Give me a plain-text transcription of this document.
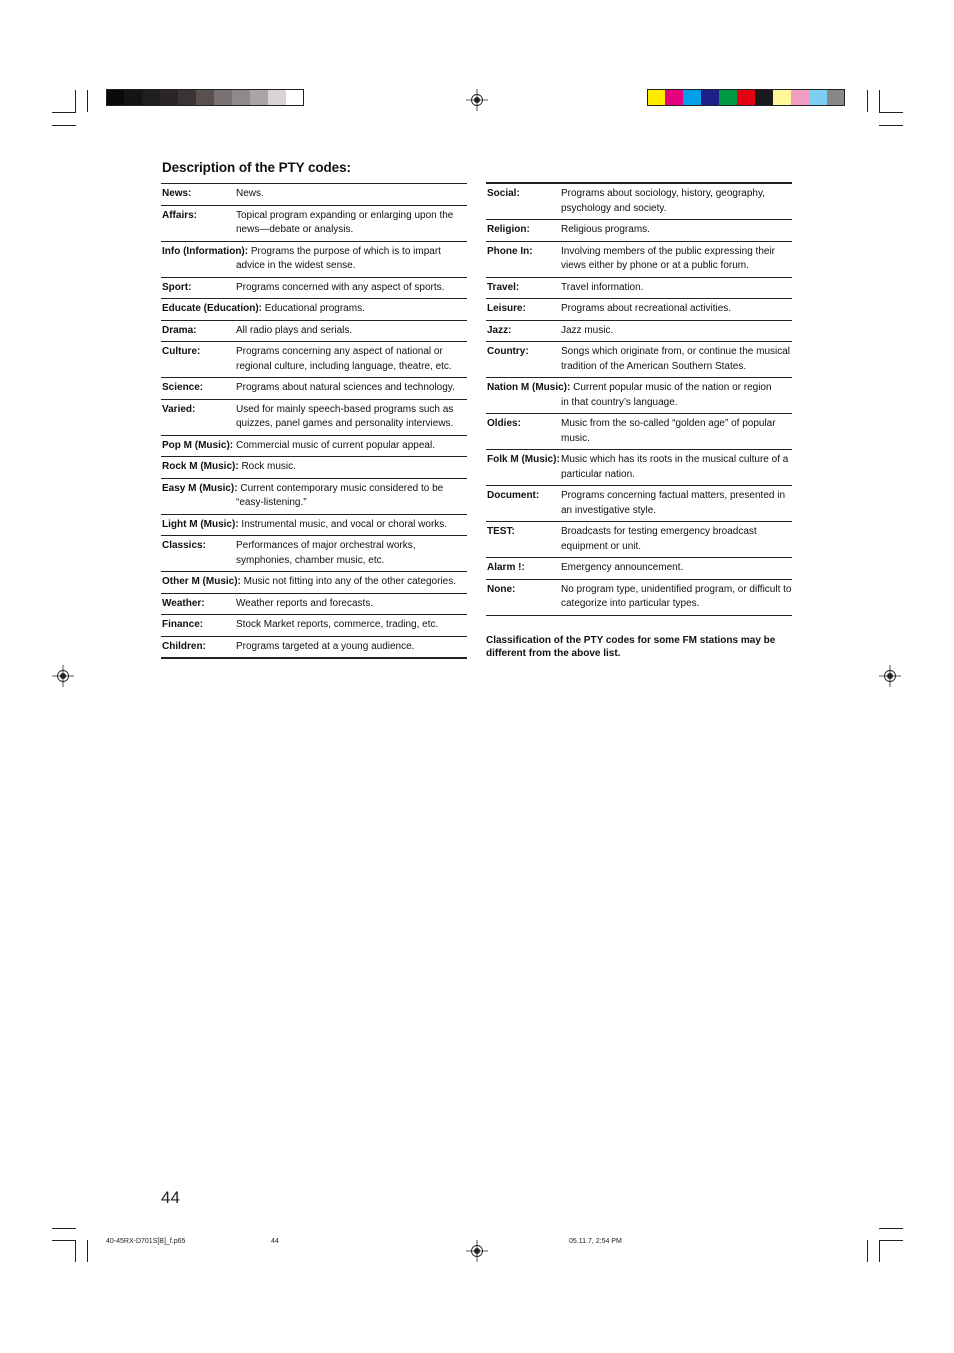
Description of the PTY codes:
News:	News.
Affairs:	Topical program expanding or enlarging upon the news—debate or analysis.
Info (Information): Programs the purpose of which is to impart
advice in the widest sense.
Sport:	Programs concerned with any aspect of sports.
Educate (Education): Educational programs.
Drama:	All radio plays and serials.
Culture:	Programs concerning any aspect of national or regional culture, including language, theatre, etc.
Science:	Programs about natural sciences and technology.
Varied:	Used for mainly speech-based programs such as quizzes, panel games and personality interviews.
Pop M (Music): Commercial music of current popular appeal.
Rock M (Music): Rock music.
Easy M (Music): Current contemporary music considered to be
“easy-listening.”
Light M (Music): Instrumental music, and vocal or choral works.
Classics:	Performances of major orchestral works, symphonies, chamber music, etc.
Other M (Music): Music not fitting into any of the other categories.
Weather:	Weather reports and forecasts.
Finance:	Stock Market reports, commerce, trading, etc.
Children:	Programs targeted at a young audience.
Social:	Programs about sociology, history, geography, psychology and society.
Religion:	Religious programs.
Phone In:	Involving members of the public expressing their views either by phone or at a public forum.
Travel:	Travel information.
Leisure:	Programs about recreational activities.
Jazz:	Jazz music.
Country:	Songs which originate from, or continue the musical tradition of the American Southern States.
Nation M (Music): Current popular music of the nation or region
in that country’s language.
Oldies:	Music from the so-called “golden age” of popular music.
Folk M (Music): Music which has its roots in the musical culture of a particular nation.
Document:	Programs concerning factual matters, presented in an investigative style.
TEST:	Broadcasts for testing emergency broadcast equipment or unit.
Alarm !:	Emergency announcement.
None:	No program type, unidentified program, or difficult to categorize into particular types.
Classification of the PTY codes for some FM stations may be different from the above list.
44
40-45RX-D701S[B]_f.p65	44	05.11.7, 2:54 PM
